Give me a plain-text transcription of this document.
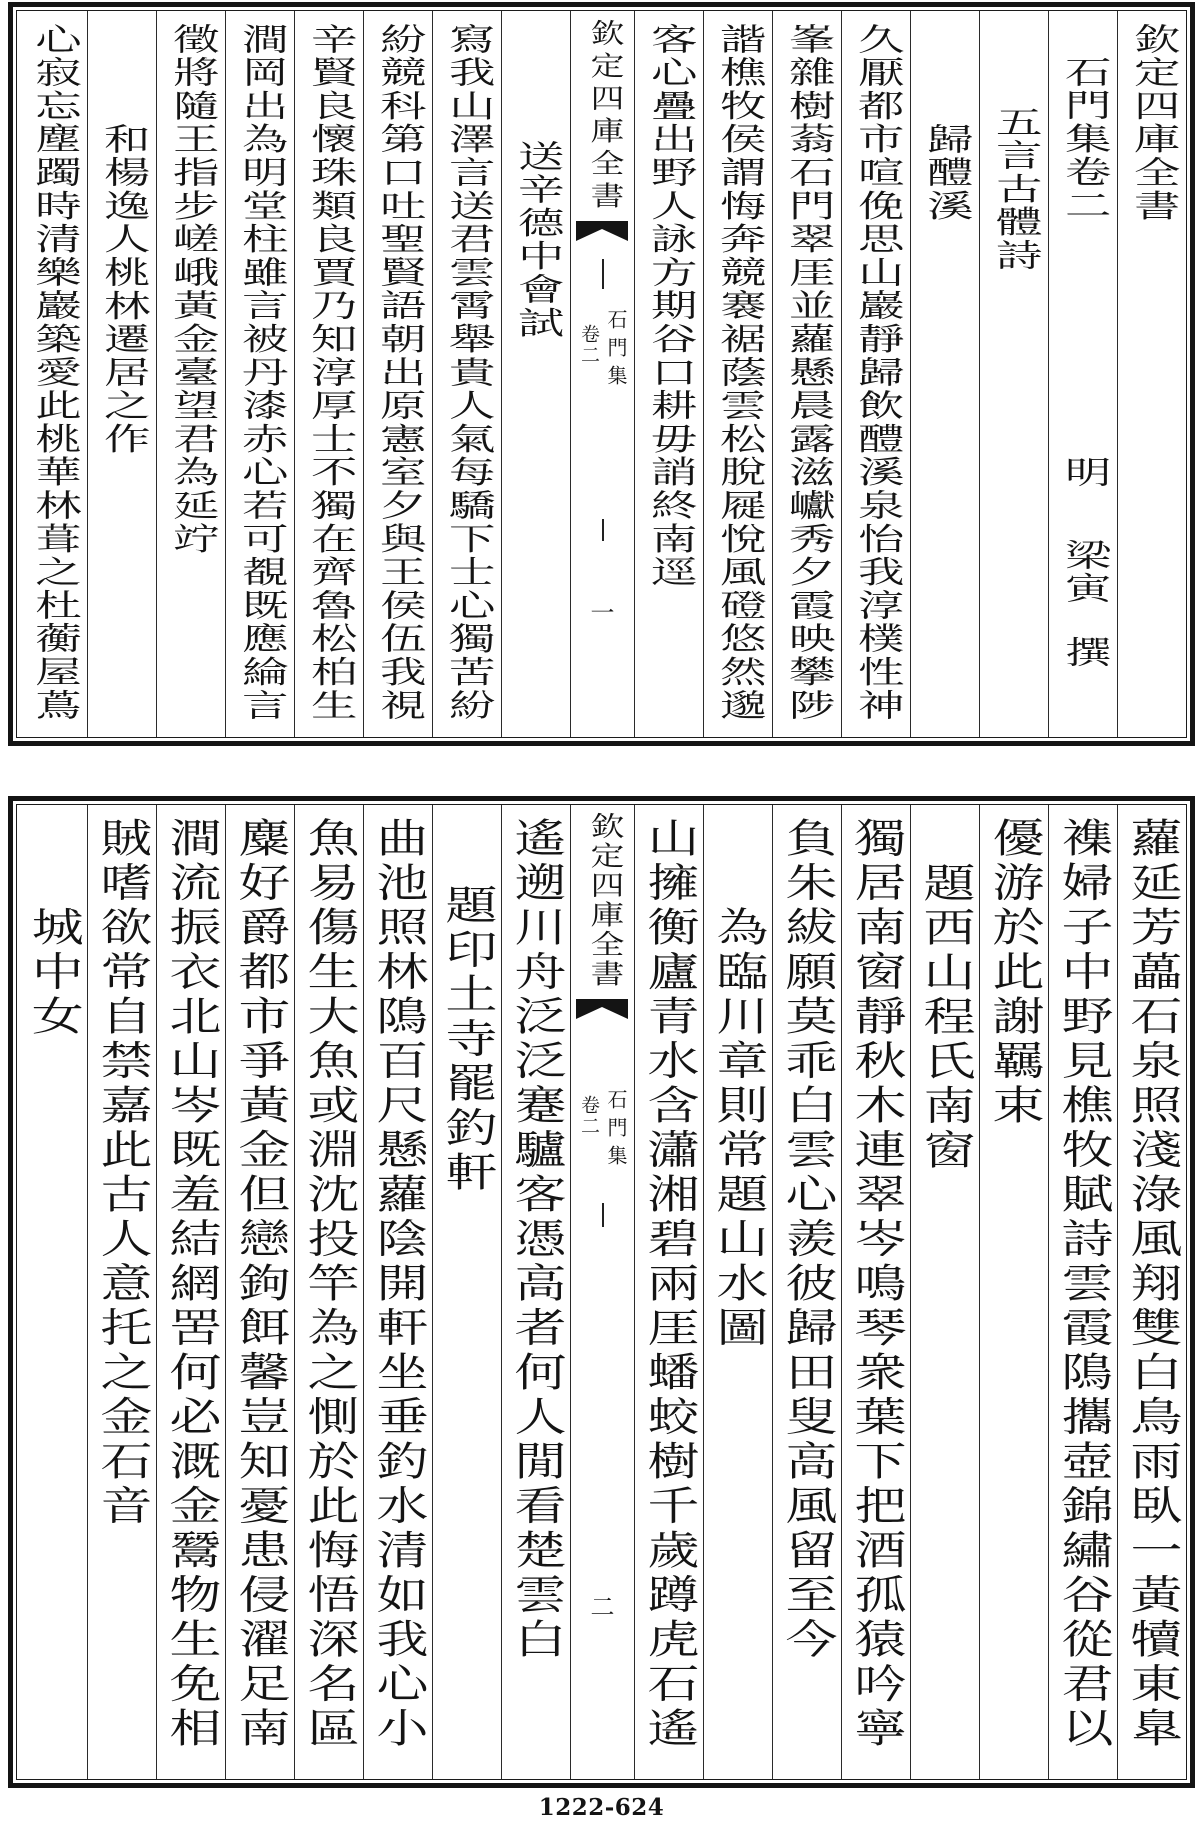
欽定四庫全書
石門集卷二
明
梁寅
撰
五言古體詩
歸醴溪
久厭都市喧俛思山巖靜歸飲醴溪泉怡我淳樸性神
峯雜樹蓊石門翠厓並蘿懸晨露滋巘秀夕霞映攀陟
諧樵牧侯謂悔奔競褰裾蔭雲松脫屣悅風磴悠然邈
客心疊出野人詠方期谷口耕毋誚終南逕
欽定四庫全書
石門集
卷二
一
送辛德中會試
寫我山澤言送君雲霄舉貴人氣每驕下士心獨苦紛
紛競科第口吐聖賢語朝出原憲室夕與王侯伍我視
辛賢良懷珠類良賈乃知淳厚士不獨在齊魯松柏生
澗岡出為明堂柱雖言被丹漆赤心若可覩既應綸言
徵將隨王指步嵯峨黃金臺望君為延竚
和楊逸人桃林遷居之作
心寂忘塵躅時清樂巖築愛此桃華林葺之杜蘅屋蔦
蘿延芳藟石泉照淺淥風翔雙白鳥雨臥一黃犢東臯
襍婦子中野見樵牧賦詩雲霞隝攜壺錦繡谷從君以
優游於此謝羈束
題西山程氏南窗
獨居南窗靜秋木連翠岑鳴琴衆葉下把酒孤猿吟寧
負朱紱願莫乖白雲心羨彼歸田叟高風留至今
為臨川章則常題山水圖
山擁衡廬青水含瀟湘碧兩厓蟠蛟樹千歲蹲虎石遙
欽定四庫全書
石門集
卷二
二
遙遡川舟泛泛蹇驢客憑高者何人閒看楚雲白
題印土寺罷釣軒
曲池照林隝百尺懸蘿陰開軒坐垂釣水清如我心小
魚易傷生大魚或淵沈投竿為之惻於此悔悟深名區
麋好爵都市爭黃金但戀鉤餌馨豈知憂患侵濯足南
澗流振衣北山岑既羞結網罟何必溉金鬵物生免相
賊嗜欲常自禁嘉此古人意托之金石音
城中女
1222-624
